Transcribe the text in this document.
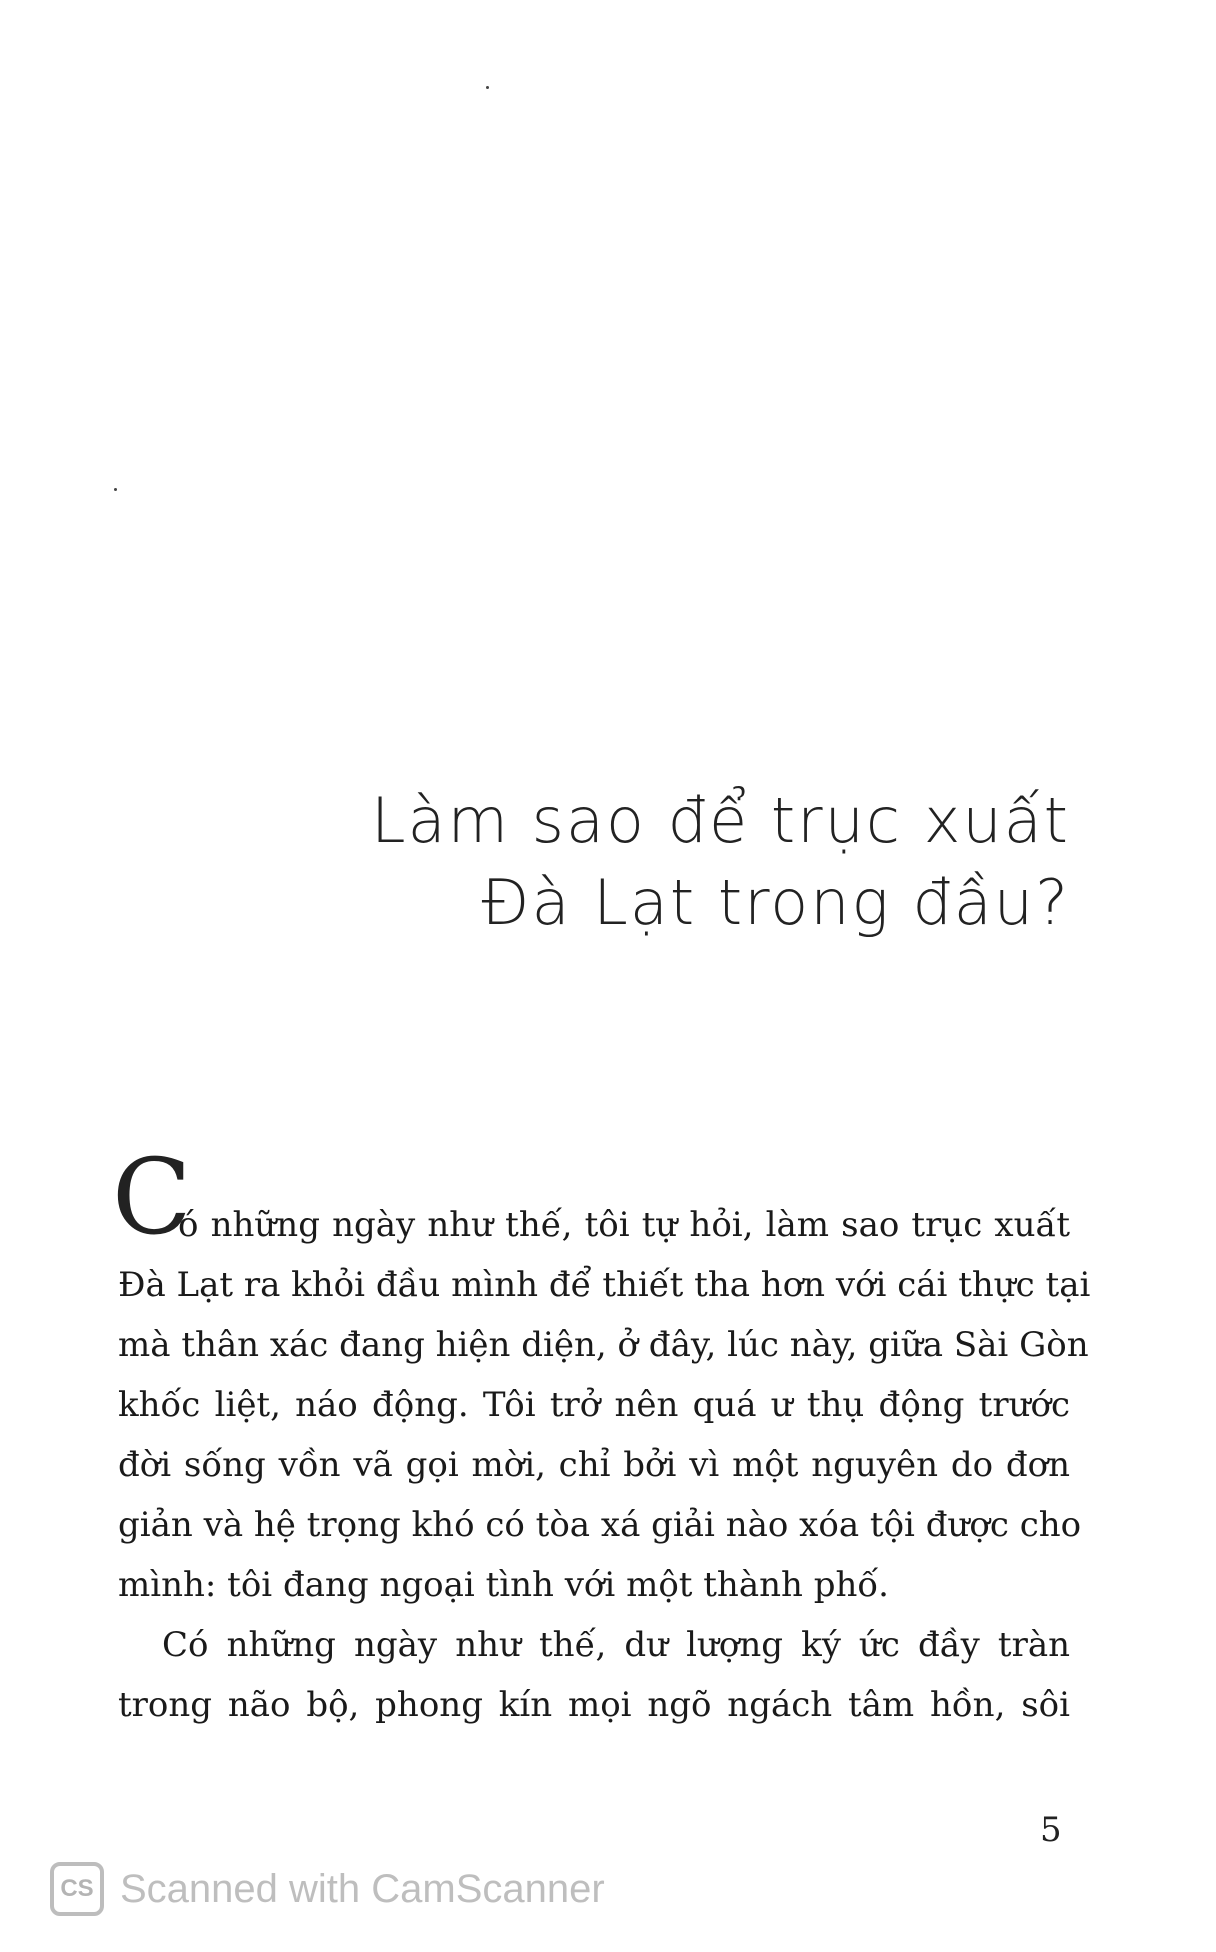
Làm sao để trục xuất
Đà Lạt trong đầu?

C
ó những ngày như thế, tôi tự hỏi, làm sao trục xuất
Đà Lạt ra khỏi đầu mình để thiết tha hơn với cái thực tại
mà thân xác đang hiện diện, ở đây, lúc này, giữa Sài Gòn
khốc liệt, náo động. Tôi trở nên quá ư thụ động trước
đời sống vồn vã gọi mời, chỉ bởi vì một nguyên do đơn
giản và hệ trọng khó có tòa xá giải nào xóa tội được cho
mình: tôi đang ngoại tình với một thành phố.

Có những ngày như thế, dư lượng ký ức đầy tràn
trong não bộ, phong kín mọi ngõ ngách tâm hồn, sôi

5
CS Scanned with CamScanner
